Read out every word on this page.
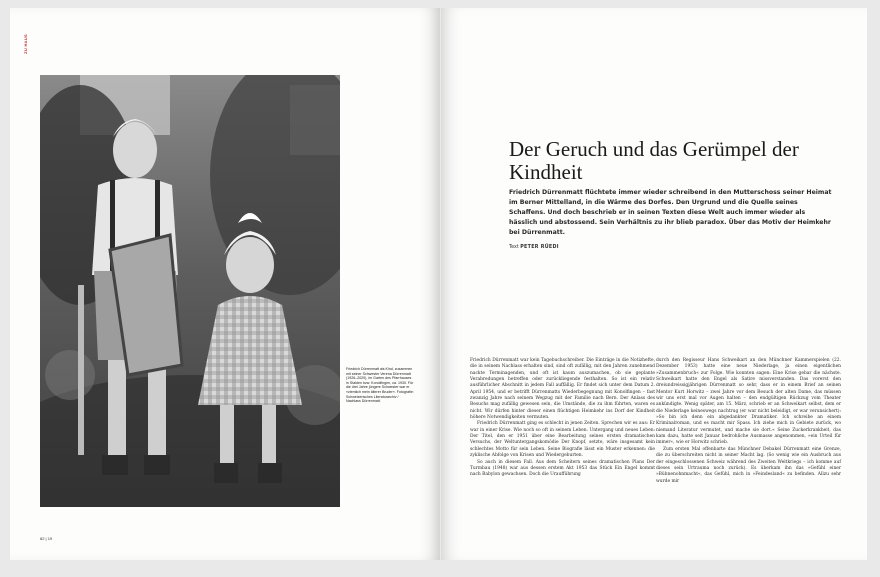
ZU HAUS
Friedrich Dürrenmatt als Kind, zusammen mit seiner Schwester Verena Dürrenmatt (1926–2020), im Garten des Pfarrhauses in Stalden bzw. Konolfingen, ca. 1930. Für die drei Jahre jüngere Schwester war er »ziemlich mein älterer Bruder«. Fotografie: Schweizerisches Literaturarchiv / Nachlass Dürrenmatt.
82 | 19
Der Geruch und das Gerümpel der Kindheit

Friedrich Dürrenmatt flüchtete immer wieder schreibend in den Mutterschoss seiner Heimat im Berner Mittelland, in die Wärme des Dorfes. Den Urgrund und die Quelle seines Schaffens. Und doch beschrieb er in seinen Texten diese Welt auch immer wieder als hässlich und abstossend. Sein Verhältnis zu ihr blieb paradox. Über das Motiv der Heimkehr bei Dürrenmatt.

Text PETER RÜEDI

Friedrich Dürrenmatt war kein Tagebuchschreiber. Die Einträge in die Notizhefte, die in seinem Nachlass erhalten sind, sind oft zufällig, mit den Jahren zunehmend nackte Terminagenden, und oft ist kaum auszumachen, ob sie geplante Verabredungen betreffen oder zurückliegende festhalten. So ist ein relativ ausführlicher Abschnitt in jedem Fall auffällig. Er findet sich unter dem Datum 2. April 1954, und er betrifft Dürrenmatts Wiederbegegnung mit Konolfingen – fast zwanzig Jahre nach seinem Wegzug mit der Familie nach Bern. Der Anlass des Besuchs mag zufällig gewesen sein, die Umstände, die zu ihm führten, waren es nicht. Wir dürfen hinter dieser einen flüchtigen Heimkehr ins Dorf der Kindheit höhere Notwendigkeiten vermuten.

Friedrich Dürrenmatt ging es schlecht in jenen Zeiten. Sprechen wir es aus: Er war in einer Krise. Wie noch so oft in seinem Leben. Untergang und neues Leben: Der Titel, den er 1951 über eine Bearbeitung seines ersten dramatischen Versuchs, der Weltuntergangskomödie Der Knopf, setzte, wäre insgesamt kein schlechtes Motto für sein Leben. Seine Biografie lässt ein Muster erkennen: die zyklische Abfolge von Krisen und Wiedergeburten.

So auch in diesem Fall. Aus dem Scheitern seines dramatischen Plans Der Turmbau (1948) war aus dessen erstem Akt 1953 das Stück Ein Engel kommt nach Babylon gewachsen. Doch die Uraufführung

durch den Regisseur Hans Schweikart an den Münchner Kammerspielen (22. Dezember 1953) hatte eine neue Niederlage, ja einen eigentlichen »Zusammenbruch« zur Folge. Wie konnten sagen: Eine Krise gebar die nächste. Schweikart hatte den Engel als Satire missverstanden. Das vorerst den dreiundreissigjährigen Dürrenmatt so sehr, dass er in einem Brief an seinen Mentor Kurt Horwitz – zwei Jahre vor dem Besuch der alten Dame, das müssen wir uns erst mal vor Augen halten – den endgültigen Rückzug vom Theater ankündigte. Wenig später, am 15. März, schrieb er an Schweikart selbst, dem er die Niederlage keineswegs nachtrug (er war nicht beleidigt, er war verunsichert): »So bin ich denn ein abgedankter Dramatiker. Ich schreibe an einem Kriminalroman, und es macht mir Spass. Ich ziehe mich in Gebiete zurück, wo niemand Literatur vermutet, und mache sie dort.« Seine Zuckerkrankheit, das kam dazu, hatte seit Januar bedrohliche Ausmasse angenommen, »ein Urteil für immer«, wie er Horwitz schrieb.

Zum ersten Mal offenbarte das Münchner Debakel Dürrenmatt eine Grenze, die zu überschreiten nicht in seiner Macht lag. (So wenig wie ein Ausbruch aus der eingeschlossenen Schweiz während des Zweiten Weltkriegs – ich komme auf dieses sein Urtrauma noch zurück). Es überkam ihn das »Gefühl einer »Bühnenohnmacht«, das Gefühl, mich in »Feindesland« zu befinden. Allzu sehr wurde mir
